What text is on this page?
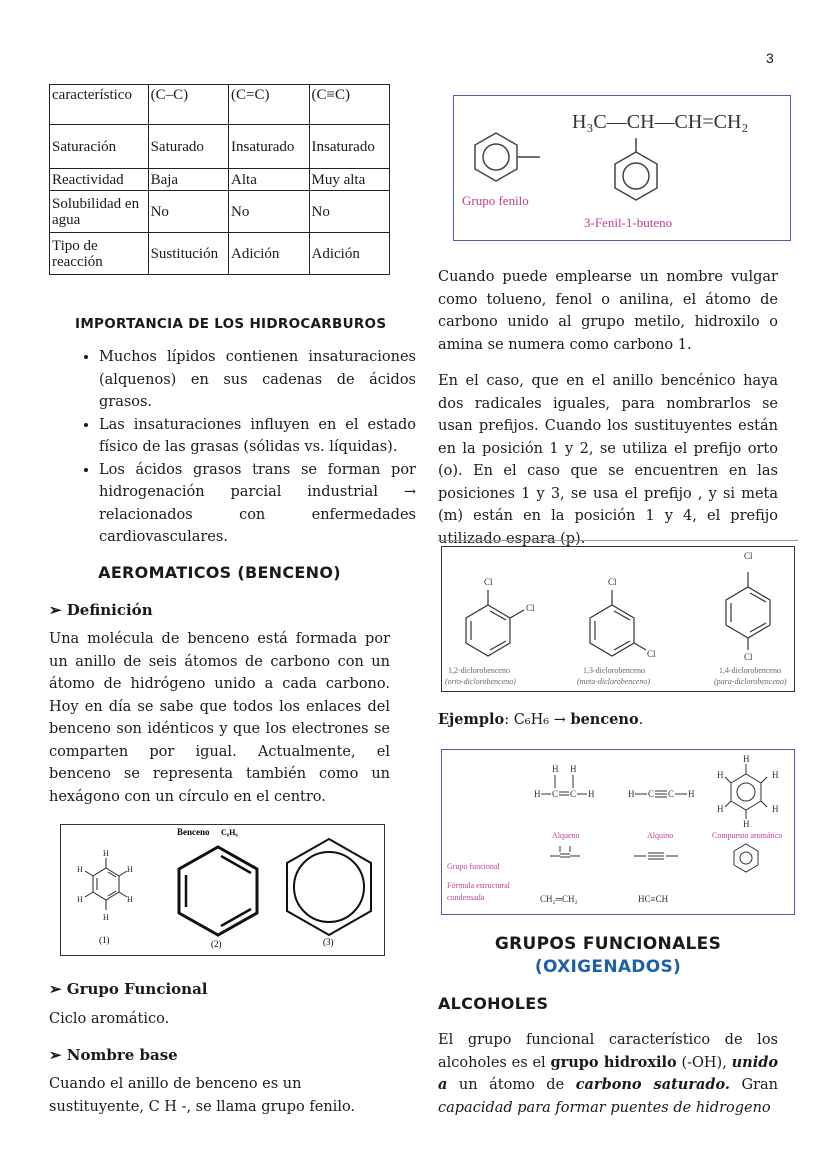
3
característico	(C–C)	(C=C)	(C≡C)
Saturación	Saturado	Insaturado	Insaturado
Reactividad	Baja	Alta	Muy alta
Solubilidad en agua	No	No	No
Tipo de reacción	Sustitución	Adición	Adición
IMPORTANCIA DE LOS HIDROCARBUROS
• Muchos lípidos contienen insaturaciones (alquenos) en sus cadenas de ácidos grasos.
• Las insaturaciones influyen en el estado físico de las grasas (sólidas vs. líquidas).
• Los ácidos grasos trans se forman por hidrogenación parcial industrial → relacionados con enfermedades cardiovasculares.
AEROMATICOS (BENCENO)
➢ Definición
Una molécula de benceno está formada por un anillo de seis átomos de carbono con un átomo de hidrógeno unido a cada carbono. Hoy en día se sabe que todos los enlaces del benceno son idénticos y que los electrones se comparten por igual. Actualmente, el benceno se representa también como un hexágono con un círculo en el centro.
Benceno C₆H₆
H
H
H
H
H
H
(1)	(2)	(3)
➢ Grupo Funcional
Ciclo aromático.
➢ Nombre base
Cuando el anillo de benceno es un sustituyente, C H -, se llama grupo fenilo.
H₃C—CH—CH=CH₂
Grupo fenilo
3-Fenil-1-buteno
Cuando puede emplearse un nombre vulgar como tolueno, fenol o anilina, el átomo de carbono unido al grupo metilo, hidroxilo o amina se numera como carbono 1.
En el caso, que en el anillo bencénico haya dos radicales iguales, para nombrarlos se usan prefijos. Cuando los sustituyentes están en la posición 1 y 2, se utiliza el prefijo orto (o). En el caso que se encuentren en las posiciones 1 y 3, se usa el prefijo , y si meta (m) están en la posición 1 y 4, el prefijo utilizado espara (p).
Cl
Cl
Cl
Cl
Cl
Cl
1,2-diclorobenceno
(orto-diclorobenceno)
1,3-diclorobenceno
(meta-diclorobenceno)
1,4-diclorobenceno
(para-diclorobenceno)
Ejemplo: C₆H₆ → benceno.
H H
H C C H	H C C H
H
H	H
H	H
H
Alqueno	Alquino	Compuesto aromático
Grupo funcional
Fórmula estructural
condensada	CH₂═CH₂	HC≡CH
GRUPOS FUNCIONALES
(OXIGENADOS)
ALCOHOLES
El grupo funcional característico de los alcoholes es el grupo hidroxilo (-OH), unido a un átomo de carbono saturado. Gran capacidad para formar puentes de hidrogeno
